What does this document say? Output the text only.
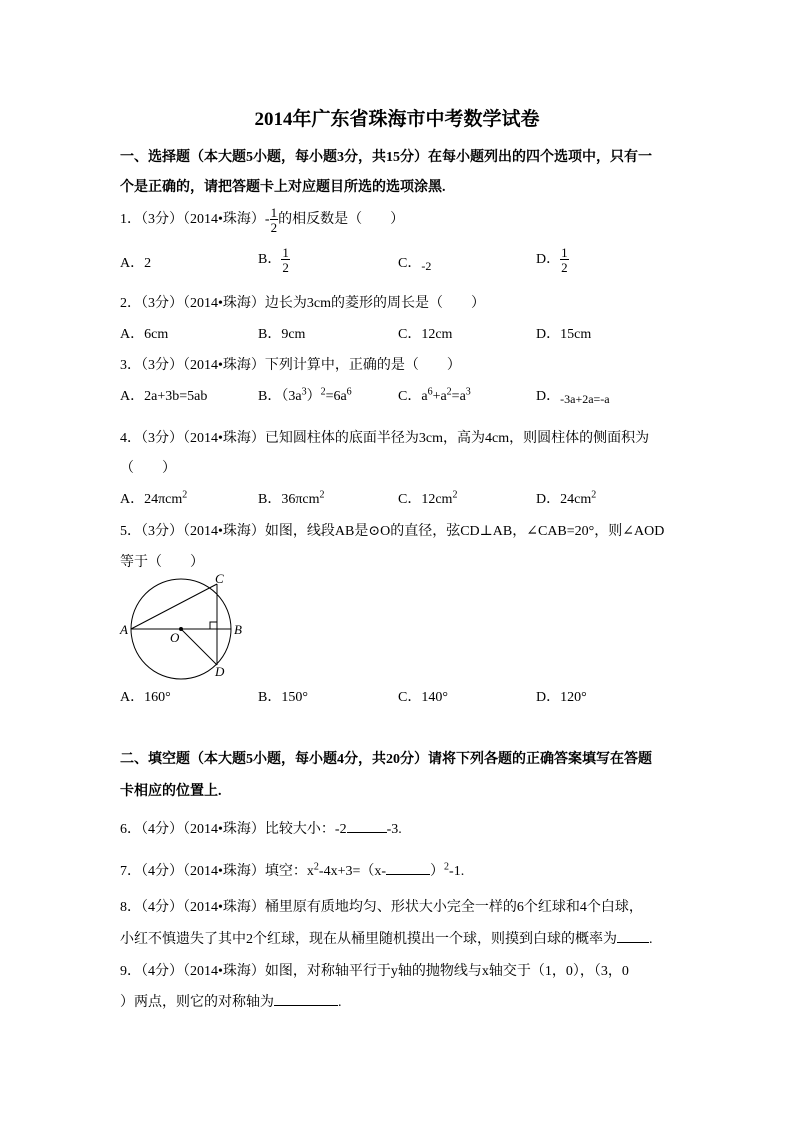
2014年广东省珠海市中考数学试卷
一、选择题（本大题5小题，每小题3分，共15分）在每小题列出的四个选项中，只有一
个是正确的，请把答题卡上对应题目所选的选项涂黑.
1．（3分）（2014•珠海）- $\frac{1}{2}$ 的相反数是（　　）
A．2	B． $\frac{1}{2}$	C．-2	D． $\frac{1}{2}$
2．（3分）（2014•珠海）边长为3cm的菱形的周长是（　　）
A．6cm	B．9cm	C．12cm	D．15cm
3．（3分）（2014•珠海）下列计算中，正确的是（　　）
A．2a+3b=5ab	B．$(3a^3)^2=6a^6$	C．$a^6+a^2=a^3$	D．-3a+2a=-a
4．（3分）（2014•珠海）已知圆柱体的底面半径为3cm，高为4cm，则圆柱体的侧面积为
（　　）
A．24πcm$^2$	B．36πcm$^2$	C．$12cm^2$	D．$24cm^2$
5．（3分）（2014•珠海）如图，线段AB是⊙O的直径，弦CD⊥AB，∠CAB=20°，则∠AOD
等于（　　）
A	B
C
D
O
A．160°	B．150°	C．140°	D．120°
二、填空题（本大题5小题，每小题4分，共20分）请将下列各题的正确答案填写在答题
卡相应的位置上.
6．（4分）（2014•珠海）比较大小：-2	-3.
7．（4分）（2014•珠海）填空：$x^2-4x+3=(x-$	）$^2$-1.
8．（4分）（2014•珠海）桶里原有质地均匀、形状大小完全一样的6个红球和4个白球，
小红不慎遗失了其中2个红球，现在从桶里随机摸出一个球，则摸到白球的概率为 .
9．（4分）（2014•珠海）如图，对称轴平行于y轴的抛物线与x轴交于（1，0），（3，0
）两点，则它的对称轴为	.
